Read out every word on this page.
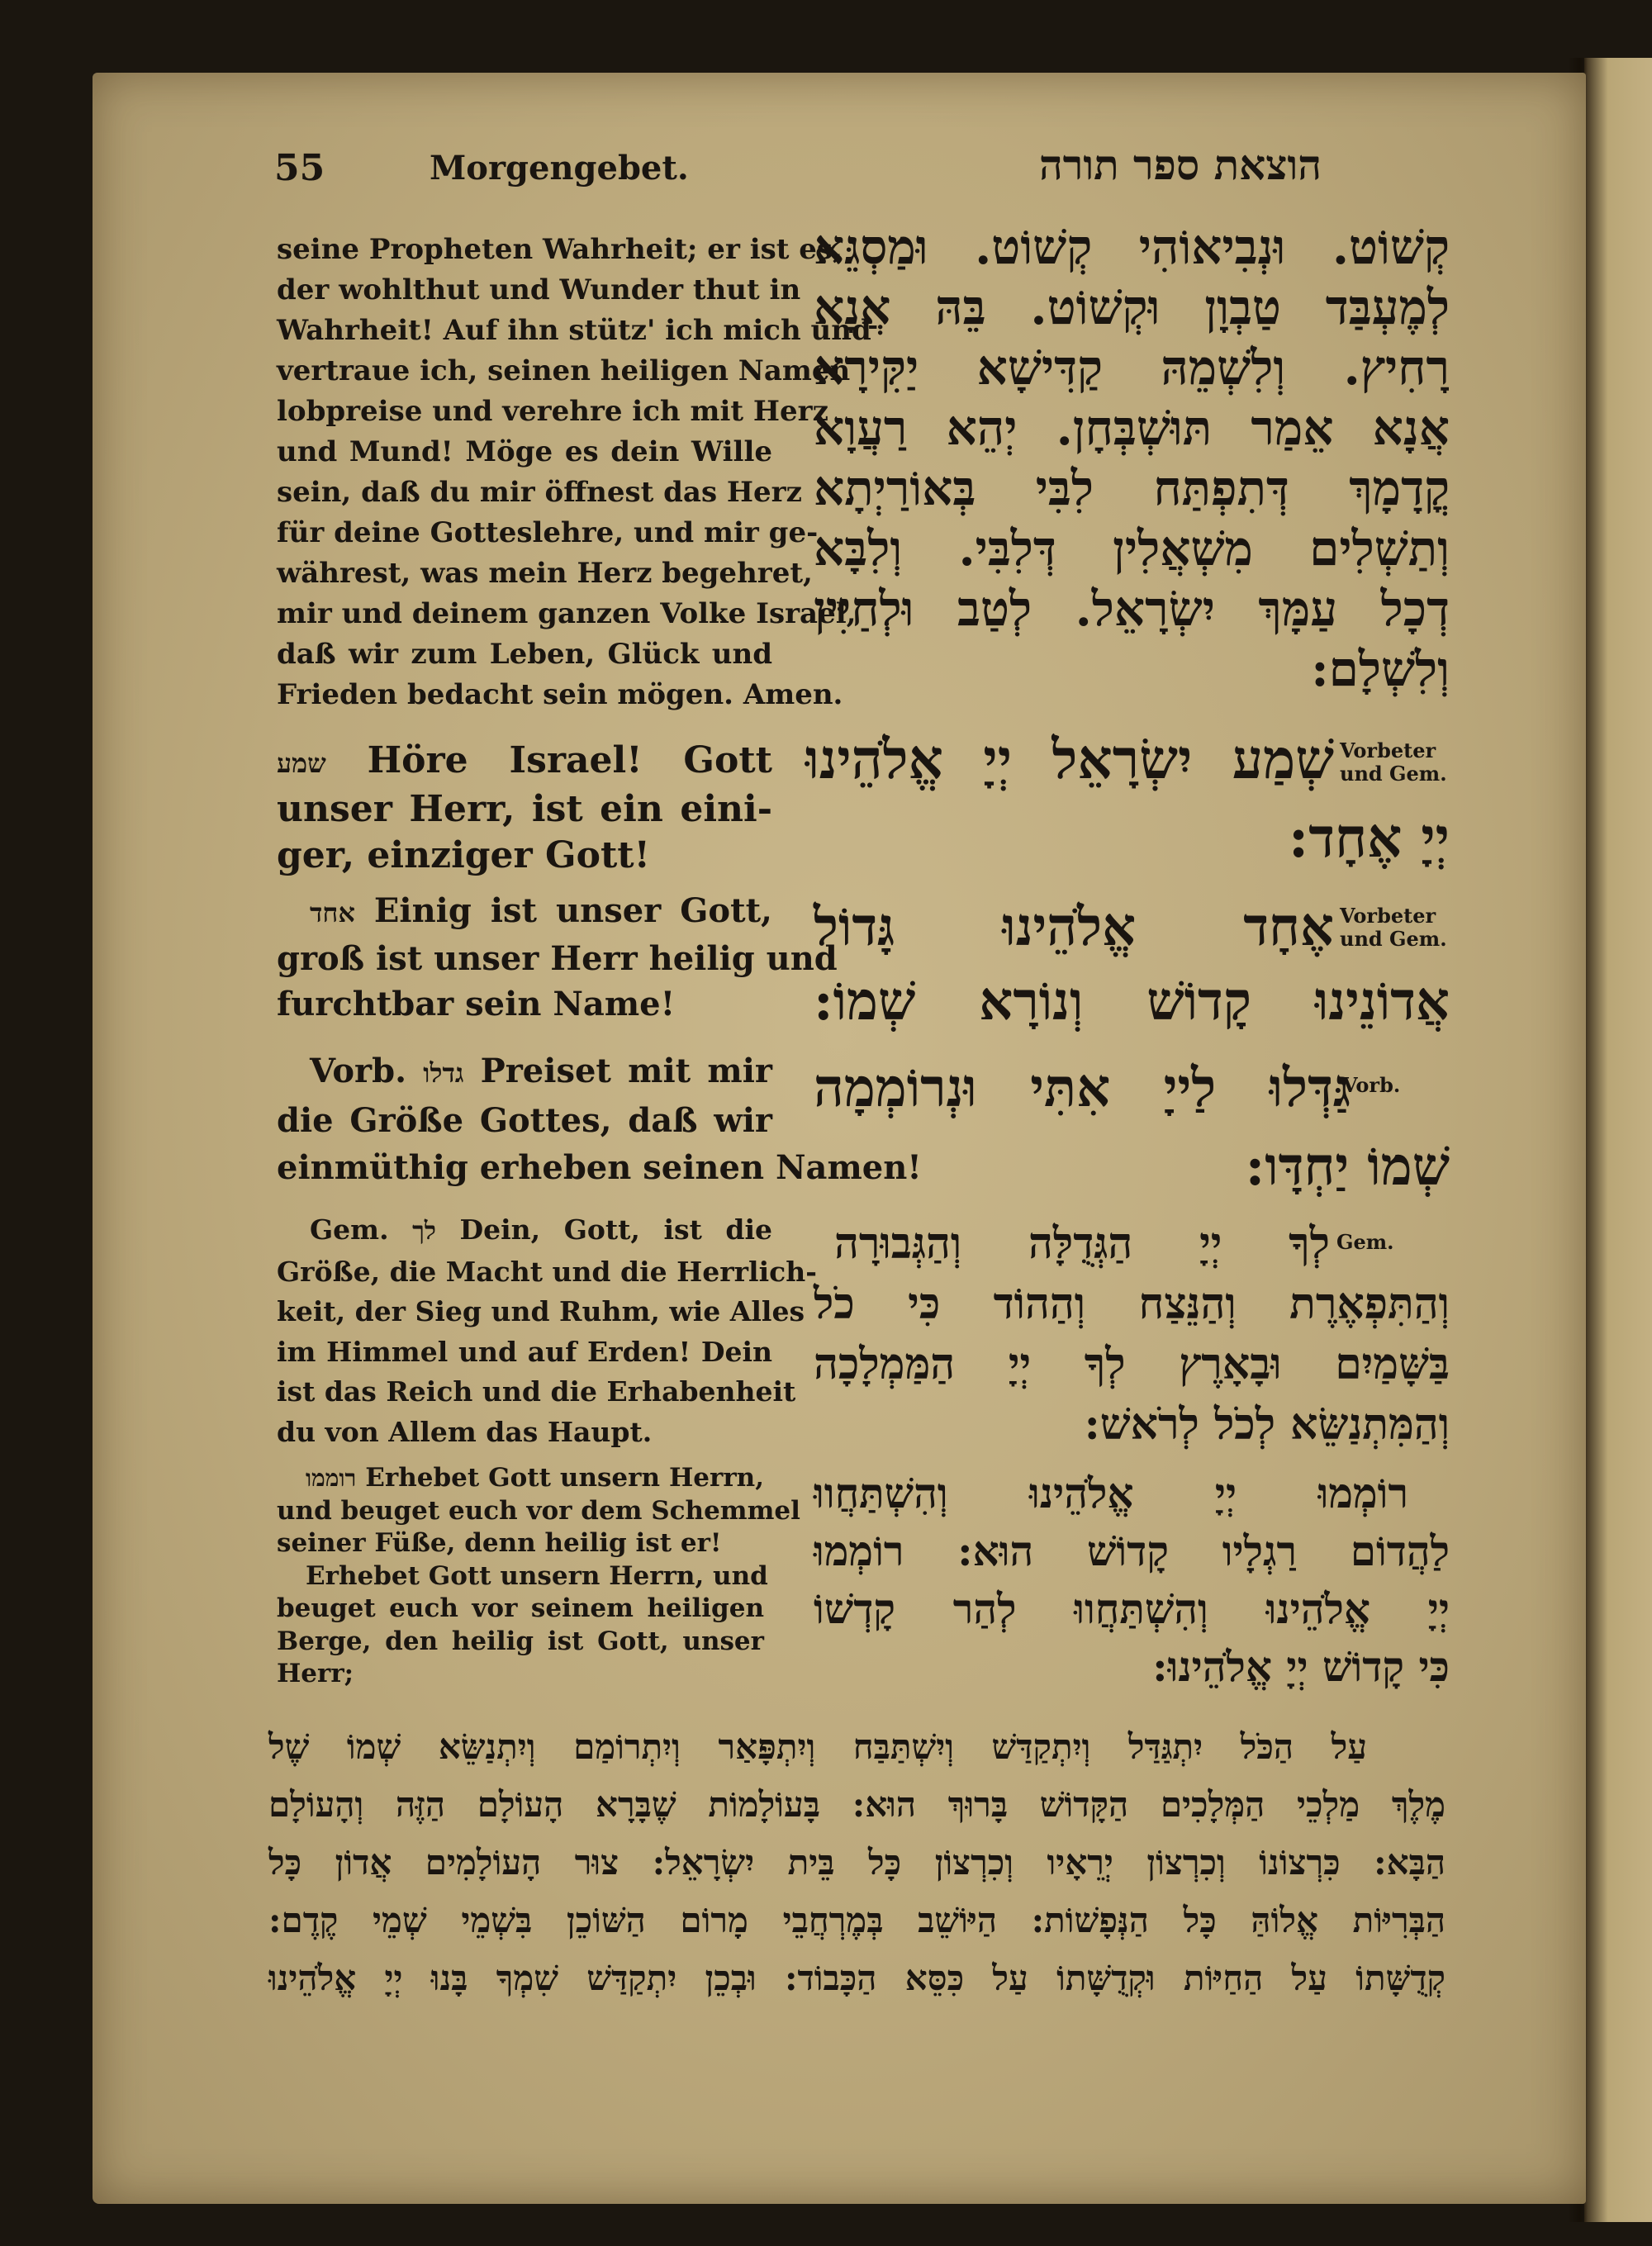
55	Morgengebet.	הוצאת ספר תורה
seine Propheten Wahrheit; er ist es,
der wohlthut und Wunder thut in
Wahrheit! Auf ihn stütz' ich mich und
vertraue ich, seinen heiligen Namen
lobpreise und verehre ich mit Herz
und Mund! Möge es dein Wille
sein, daß du mir öffnest das Herz
für deine Gotteslehre, und mir ge-
währest, was mein Herz begehret,
mir und deinem ganzen Volke Israel,
daß wir zum Leben, Glück und
Frieden bedacht sein mögen. Amen.
קְשׁוֹט. וּנְבִיאוֹהִי קְשׁוֹט. וּמַסְגֵּא
לְמֶעְבַּד טַבְוָן וּקְשׁוֹט. בֵּהּ אֲנָא
רָחִיץ. וְלִשְׁמֵהּ קַדִּישָׁא יַקִּירָא
אֲנָא אֵמַר תּוּשְׁבְּחָן. יְהֵא רַעֲוָא
קֳדָמָךְ דְּתִפְתַּח לִבִּי בְּאוֹרַיְתָא
וְתַשְׁלִים מִשְׁאֲלִין דְּלִבִּי. וְלִבָּא
דְכָל עַמָּךְ יִשְׂרָאֵל. לְטַב וּלְחַיִּין
וְלִשְׁלָם:
שמע Höre Israel! Gott
unser Herr, ist ein eini-
ger, einziger Gott!
שְׁמַע יִשְׂרָאֵל יְיָ אֱלֹהֵינוּ
יְיָ אֶחָד:
Vorbeter
und Gem.
אחד Einig ist unser Gott,
groß ist unser Herr heilig und
furchtbar sein Name!
אֶחָד אֱלֹהֵינוּ גָּדוֹל
אֲדוֹנֵינוּ קָדוֹשׁ וְנוֹרָא שְׁמוֹ:
Vorbeter
und Gem.
Vorb. גדלו Preiset mit mir
die Größe Gottes, daß wir
einmüthig erheben seinen Namen!
גַּדְּלוּ לַייָ אִתִּי וּנְרוֹמְמָה
שְׁמוֹ יַחְדָּו:
Vorb.
Gem. לך Dein, Gott, ist die
Größe, die Macht und die Herrlich-
keit, der Sieg und Ruhm, wie Alles
im Himmel und auf Erden! Dein
ist das Reich und die Erhabenheit
du von Allem das Haupt.
לְךָ יְיָ הַגְּדֻלָּה וְהַגְּבוּרָה
וְהַתִּפְאֶרֶת וְהַנֵּצַח וְהַהוֹד כִּי כֹל
בַּשָּׁמַיִם וּבָאָרֶץ לְךָ יְיָ הַמַּמְלָכָה
וְהַמִּתְנַשֵּׂא לְכֹל לְרֹאשׁ:
Gem.
רוממו Erhebet Gott unsern Herrn,
und beuget euch vor dem Schemmel
seiner Füße, denn heilig ist er!
Erhebet Gott unsern Herrn, und
beuget euch vor seinem heiligen
Berge, den heilig ist Gott, unser
Herr;
רוֹמְמוּ יְיָ אֱלֹהֵינוּ וְהִשְׁתַּחֲווּ
לַהֲדוֹם רַגְלָיו קָדוֹשׁ הוּא: רוֹמְמוּ
יְיָ אֱלֹהֵינוּ וְהִשְׁתַּחֲווּ לְהַר קָדְשׁוֹ
כִּי קָדוֹשׁ יְיָ אֱלֹהֵינוּ:
עַל הַכֹּל יִתְגַּדַּל וְיִתְקַדַּשׁ וְיִשְׁתַּבַּח וְיִתְפָּאַר וְיִתְרוֹמַם וְיִתְנַשֵּׂא שְׁמוֹ שֶׁל
מֶלֶךְ מַלְכֵי הַמְּלָכִים הַקָּדוֹשׁ בָּרוּךְ הוּא: בָּעוֹלָמוֹת שֶׁבָּרָא הָעוֹלָם הַזֶּה וְהָעוֹלָם
הַבָּא: כִּרְצוֹנוֹ וְכִרְצוֹן יְרֵאָיו וְכִרְצוֹן כָּל בֵּית יִשְׂרָאֵל: צוּר הָעוֹלָמִים אֲדוֹן כָּל
הַבְּרִיּוֹת אֱלוֹהַּ כָּל הַנְּפָשׁוֹת: הַיּוֹשֵׁב בְּמֶרְחֲבֵי מָרוֹם הַשּׁוֹכֵן בִּשְׁמֵי שְׁמֵי קֶדֶם:
קְדֻשָּׁתוֹ עַל הַחַיּוֹת וּקְדֻשָּׁתוֹ עַל כִּסֵּא הַכָּבוֹד: וּבְכֵן יִתְקַדַּשׁ שִׁמְךָ בָּנוּ יְיָ אֱלֹהֵינוּ
